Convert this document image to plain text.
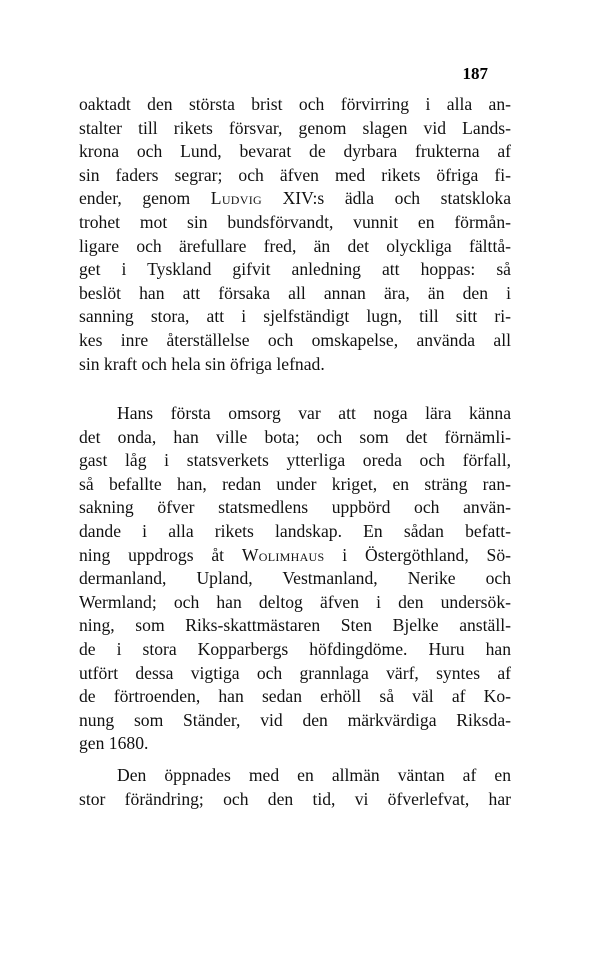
187
oaktadt den största brist och förvirring i alla an-
stalter till rikets försvar, genom slagen vid Lands-
krona och Lund, bevarat de dyrbara frukterna af
sin faders segrar; och äfven med rikets öfriga fi-
ender, genom Ludvig XIV:s ädla och statskloka
trohet mot sin bundsförvandt, vunnit en förmån-
ligare och ärefullare fred, än det olyckliga fälttå-
get i Tyskland gifvit anledning att hoppas: så
beslöt han att försaka all annan ära, än den i
sanning stora, att i sjelfständigt lugn, till sitt ri-
kes inre återställelse och omskapelse, använda all
sin kraft och hela sin öfriga lefnad.
Hans första omsorg var att noga lära känna
det onda, han ville bota; och som det förnämli-
gast låg i statsverkets ytterliga oreda och förfall,
så befallte han, redan under kriget, en sträng ran-
sakning öfver statsmedlens uppbörd och använ-
dande i alla rikets landskap. En sådan befatt-
ning uppdrogs åt Wolimhaus i Östergöthland, Sö-
dermanland, Upland, Vestmanland, Nerike och
Wermland; och han deltog äfven i den undersök-
ning, som Riks-skattmästaren Sten Bjelke anställ-
de i stora Kopparbergs höfdingdöme. Huru han
utfört dessa vigtiga och grannlaga värf, syntes af
de förtroenden, han sedan erhöll så väl af Ko-
nung som Ständer, vid den märkvärdiga Riksda-
gen 1680.
Den öppnades med en allmän väntan af en
stor förändring; och den tid, vi öfverlefvat, har
